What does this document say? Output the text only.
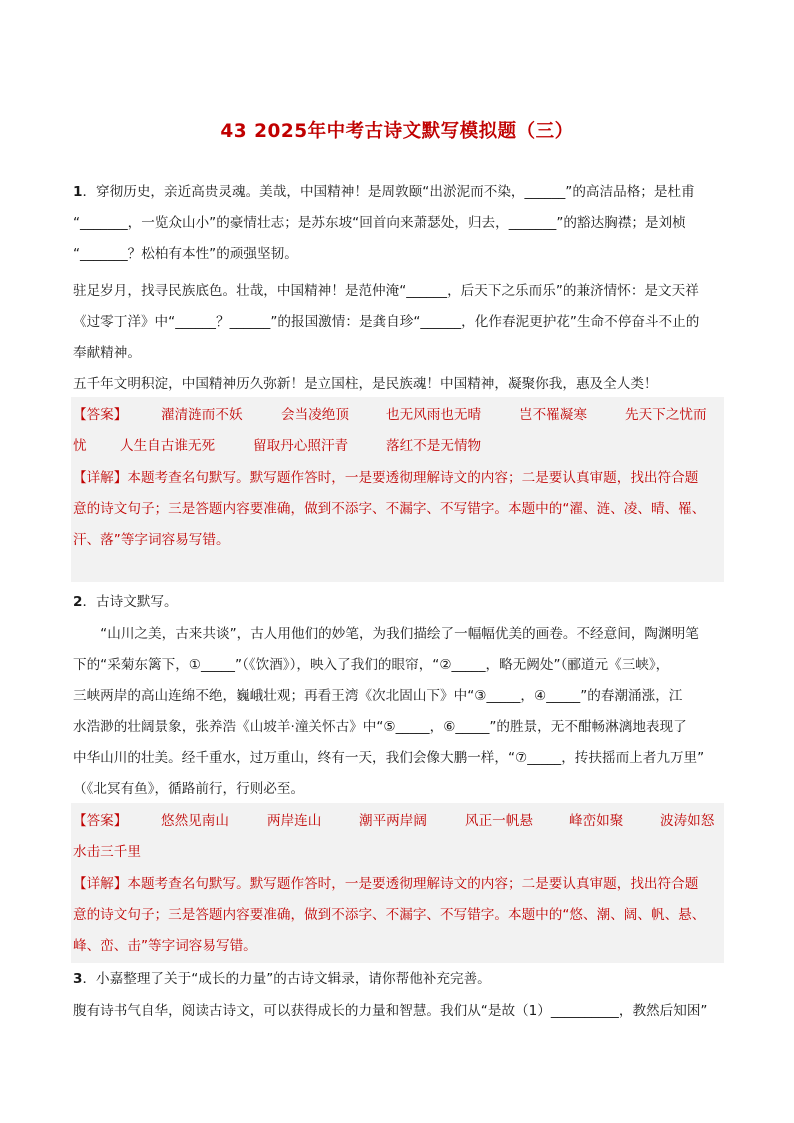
43 2025年中考古诗文默写模拟题（三）
1．穿彻历史，亲近高贵灵魂。美哉，中国精神！是周敦颐“出淤泥而不染，______”的高洁品格；是杜甫
“_______，一览众山小”的豪情壮志；是苏东坡“回首向来萧瑟处，归去，_______”的豁达胸襟；是刘桢
“_______？松柏有本性”的顽强坚韧。
驻足岁月，找寻民族底色。壮哉，中国精神！是范仲淹“______，后天下之乐而乐”的兼济情怀：是文天祥
《过零丁洋》中“______？______”的报国激情：是龚自珍“______，化作春泥更护花”生命不停奋斗不止的
奉献精神。
五千年文明积淀，中国精神历久弥新！是立国柱，是民族魂！中国精神，凝聚你我，惠及全人类！
【答案】 濯清涟而不妖	会当凌绝顶	也无风雨也无晴	岂不罹凝寒	先天下之忧而
忧 人生自古谁无死	留取丹心照汗青	落红不是无情物
【详解】本题考查名句默写。默写题作答时，一是要透彻理解诗文的内容；二是要认真审题，找出符合题
意的诗文句子；三是答题内容要准确，做到不添字、不漏字、不写错字。本题中的“濯、涟、凌、晴、罹、
汗、落”等字词容易写错。
2．古诗文默写。
　　“山川之美，古来共谈”，古人用他们的妙笔，为我们描绘了一幅幅优美的画卷。不经意间，陶渊明笔
下的“采菊东篱下，①_____”（《饮酒》），映入了我们的眼帘，“②_____，略无阙处”（郦道元《三峡》，
三峡两岸的高山连绵不绝，巍峨壮观；再看王湾《次北固山下》中“③_____，④_____”的春潮涌涨，江
水浩渺的壮阔景象，张养浩《山坡羊·潼关怀古》中“⑤_____，⑥_____”的胜景，无不酣畅淋漓地表现了
中华山川的壮美。经千重水，过万重山，终有一天，我们会像大鹏一样，“⑦_____，抟扶摇而上者九万里”
（《北冥有鱼》，循路前行，行则必至。
【答案】 悠然见南山	两岸连山	潮平两岸阔	风正一帆悬	峰峦如聚	波涛如怒
水击三千里
【详解】本题考查名句默写。默写题作答时，一是要透彻理解诗文的内容；二是要认真审题，找出符合题
意的诗文句子；三是答题内容要准确，做到不添字、不漏字、不写错字。本题中的“悠、潮、阔、帆、悬、
峰、峦、击”等字词容易写错。
3．小嘉整理了关于“成长的力量”的古诗文辑录，请你帮他补充完善。
腹有诗书气自华，阅读古诗文，可以获得成长的力量和智慧。我们从“是故（1）__________，教然后知困”
